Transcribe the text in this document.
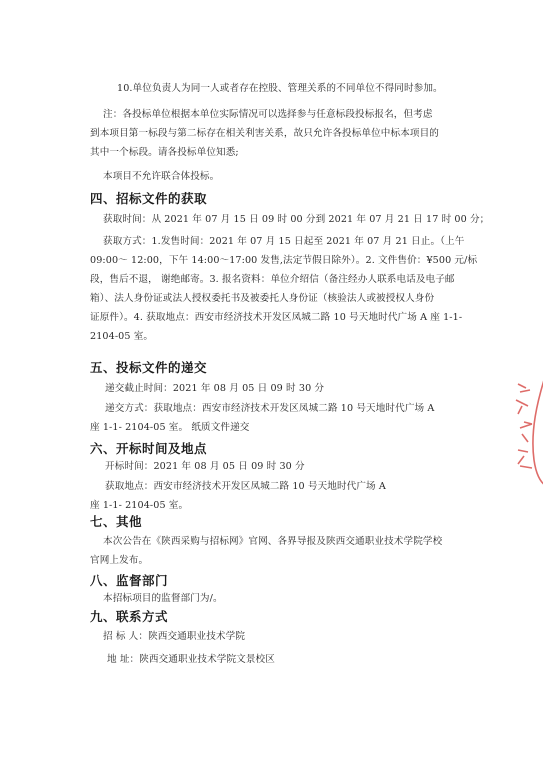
10.单位负责人为同一人或者存在控股、管理关系的不同单位不得同时参加。
注：各投标单位根据本单位实际情况可以选择参与任意标段投标报名，但考虑
到本项目第一标段与第二标存在相关利害关系，故只允许各投标单位中标本项目的
其中一个标段。请各投标单位知悉;
本项目不允许联合体投标。
四、招标文件的获取
获取时间：从 2021 年 07 月 15 日 09 时 00 分到 2021 年 07 月 21 日 17 时 00 分；
获取方式：1.发售时间：2021 年 07 月 15 日起至 2021 年 07 月 21 日止。（上午
09:00～ 12:00，下午 14:00～17:00 发售,法定节假日除外）。2. 文件售价：¥500 元/标
段，售后不退， 谢绝邮寄。3. 报名资料：单位介绍信（备注经办人联系电话及电子邮
箱）、法人身份证或法人授权委托书及被委托人身份证（核验法人或被授权人身份
证原件）。4. 获取地点：西安市经济技术开发区凤城二路 10 号天地时代广场 A 座 1-1-
2104-05 室。
五、投标文件的递交
递交截止时间：2021 年 08 月 05 日 09 时 30 分
递交方式：获取地点：西安市经济技术开发区凤城二路 10 号天地时代广场 A
座 1-1- 2104-05 室。 纸质文件递交
六、开标时间及地点
开标时间：2021 年 08 月 05 日 09 时 30 分
获取地点：西安市经济技术开发区凤城二路 10 号天地时代广场 A
座 1-1- 2104-05 室。
七、其他
本次公告在《陕西采购与招标网》官网、各界导报及陕西交通职业技术学院学校
官网上发布。
八、监督部门
本招标项目的监督部门为/。
九、联系方式
招 标 人：陕西交通职业技术学院
地 址：陕西交通职业技术学院文景校区
